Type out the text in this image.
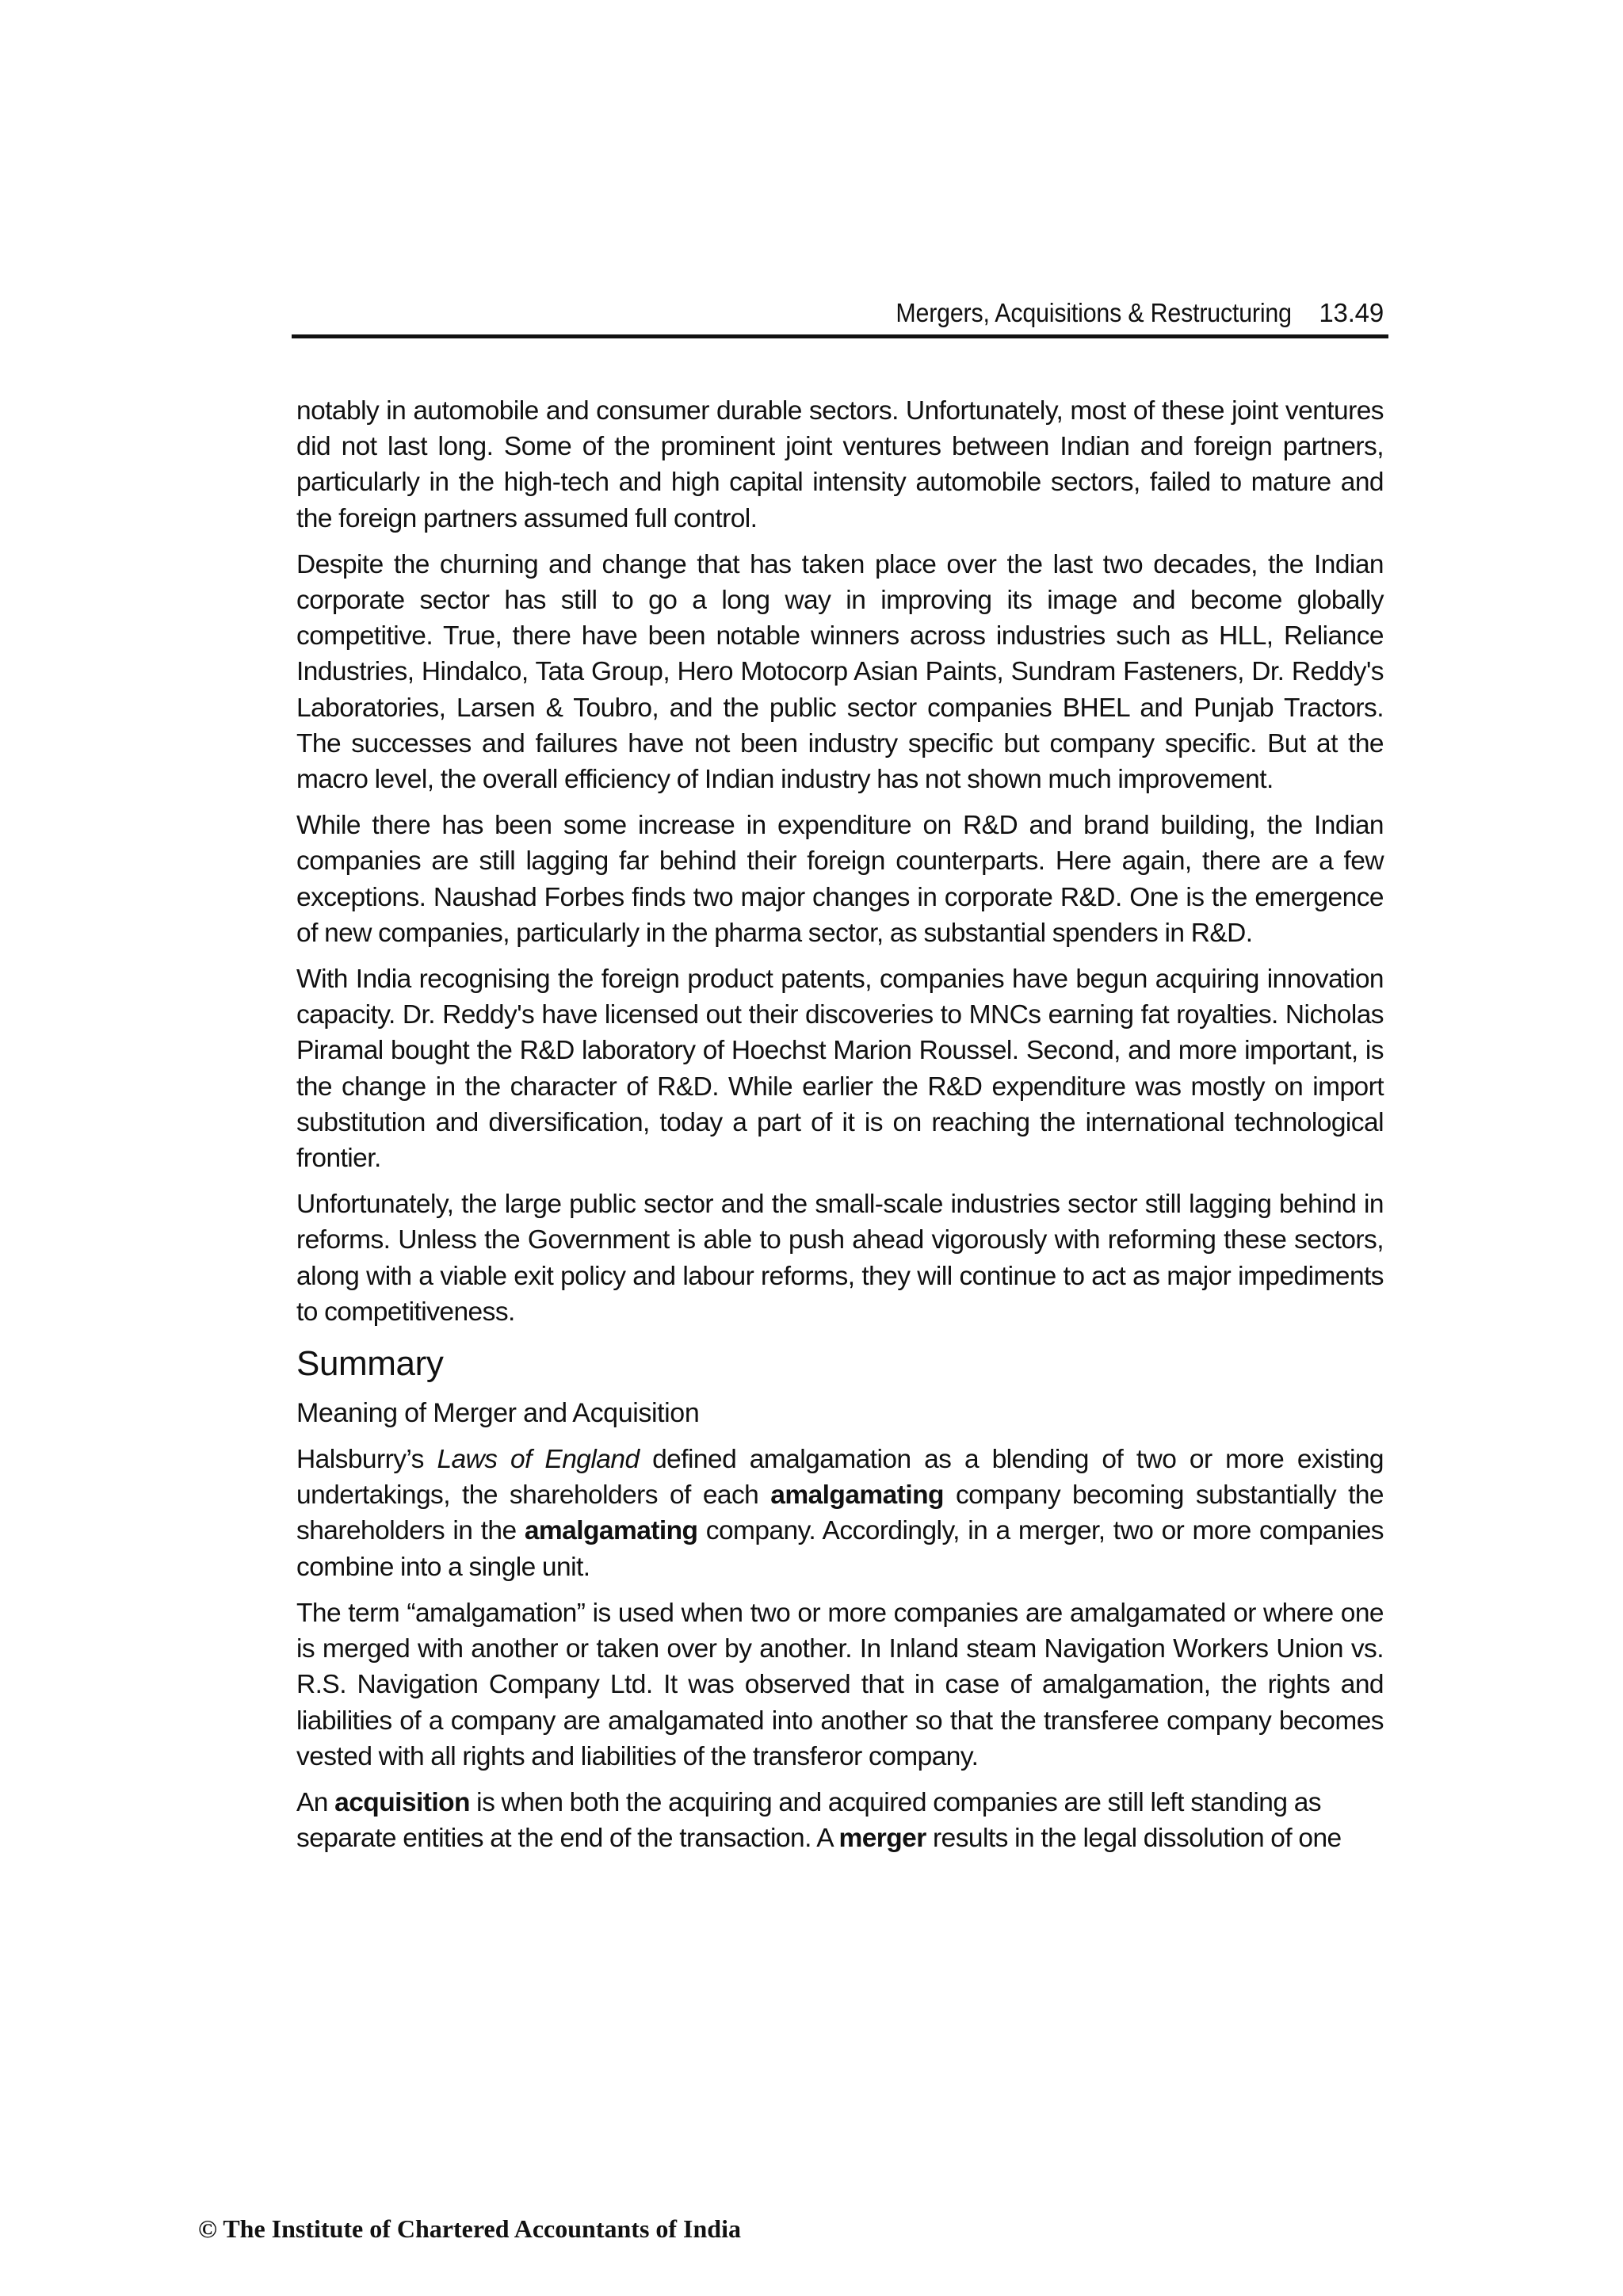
Mergers, Acquisitions & Restructuring 13.49

notably in automobile and consumer durable sectors. Unfortunately, most of these joint ventures did not last long. Some of the prominent joint ventures between Indian and foreign partners, particularly in the high-tech and high capital intensity automobile sectors, failed to mature and the foreign partners assumed full control.

Despite the churning and change that has taken place over the last two decades, the Indian corporate sector has still to go a long way in improving its image and become globally competitive. True, there have been notable winners across industries such as HLL, Reliance Industries, Hindalco, Tata Group, Hero Motocorp Asian Paints, Sundram Fasteners, Dr. Reddy's Laboratories, Larsen & Toubro, and the public sector companies BHEL and Punjab Tractors. The successes and failures have not been industry specific but company specific. But at the macro level, the overall efficiency of Indian industry has not shown much improvement.

While there has been some increase in expenditure on R&D and brand building, the Indian companies are still lagging far behind their foreign counterparts. Here again, there are a few exceptions. Naushad Forbes finds two major changes in corporate R&D. One is the emergence of new companies, particularly in the pharma sector, as substantial spenders in R&D.

With India recognising the foreign product patents, companies have begun acquiring innovation capacity. Dr. Reddy's have licensed out their discoveries to MNCs earning fat royalties. Nicholas Piramal bought the R&D laboratory of Hoechst Marion Roussel. Second, and more important, is the change in the character of R&D. While earlier the R&D expenditure was mostly on import substitution and diversification, today a part of it is on reaching the international technological frontier.

Unfortunately, the large public sector and the small-scale industries sector still lagging behind in reforms. Unless the Government is able to push ahead vigorously with reforming these sectors, along with a viable exit policy and labour reforms, they will continue to act as major impediments to competitiveness.

Summary
Meaning of Merger and Acquisition

Halsburry’s Laws of England defined amalgamation as a blending of two or more existing undertakings, the shareholders of each amalgamating company becoming substantially the shareholders in the amalgamating company. Accordingly, in a merger, two or more companies combine into a single unit.

The term “amalgamation” is used when two or more companies are amalgamated or where one is merged with another or taken over by another. In Inland steam Navigation Workers Union vs. R.S. Navigation Company Ltd. It was observed that in case of amalgamation, the rights and liabilities of a company are amalgamated into another so that the transferee company becomes vested with all rights and liabilities of the transferor company.

An acquisition is when both the acquiring and acquired companies are still left standing as separate entities at the end of the transaction. A merger results in the legal dissolution of one

© The Institute of Chartered Accountants of India
